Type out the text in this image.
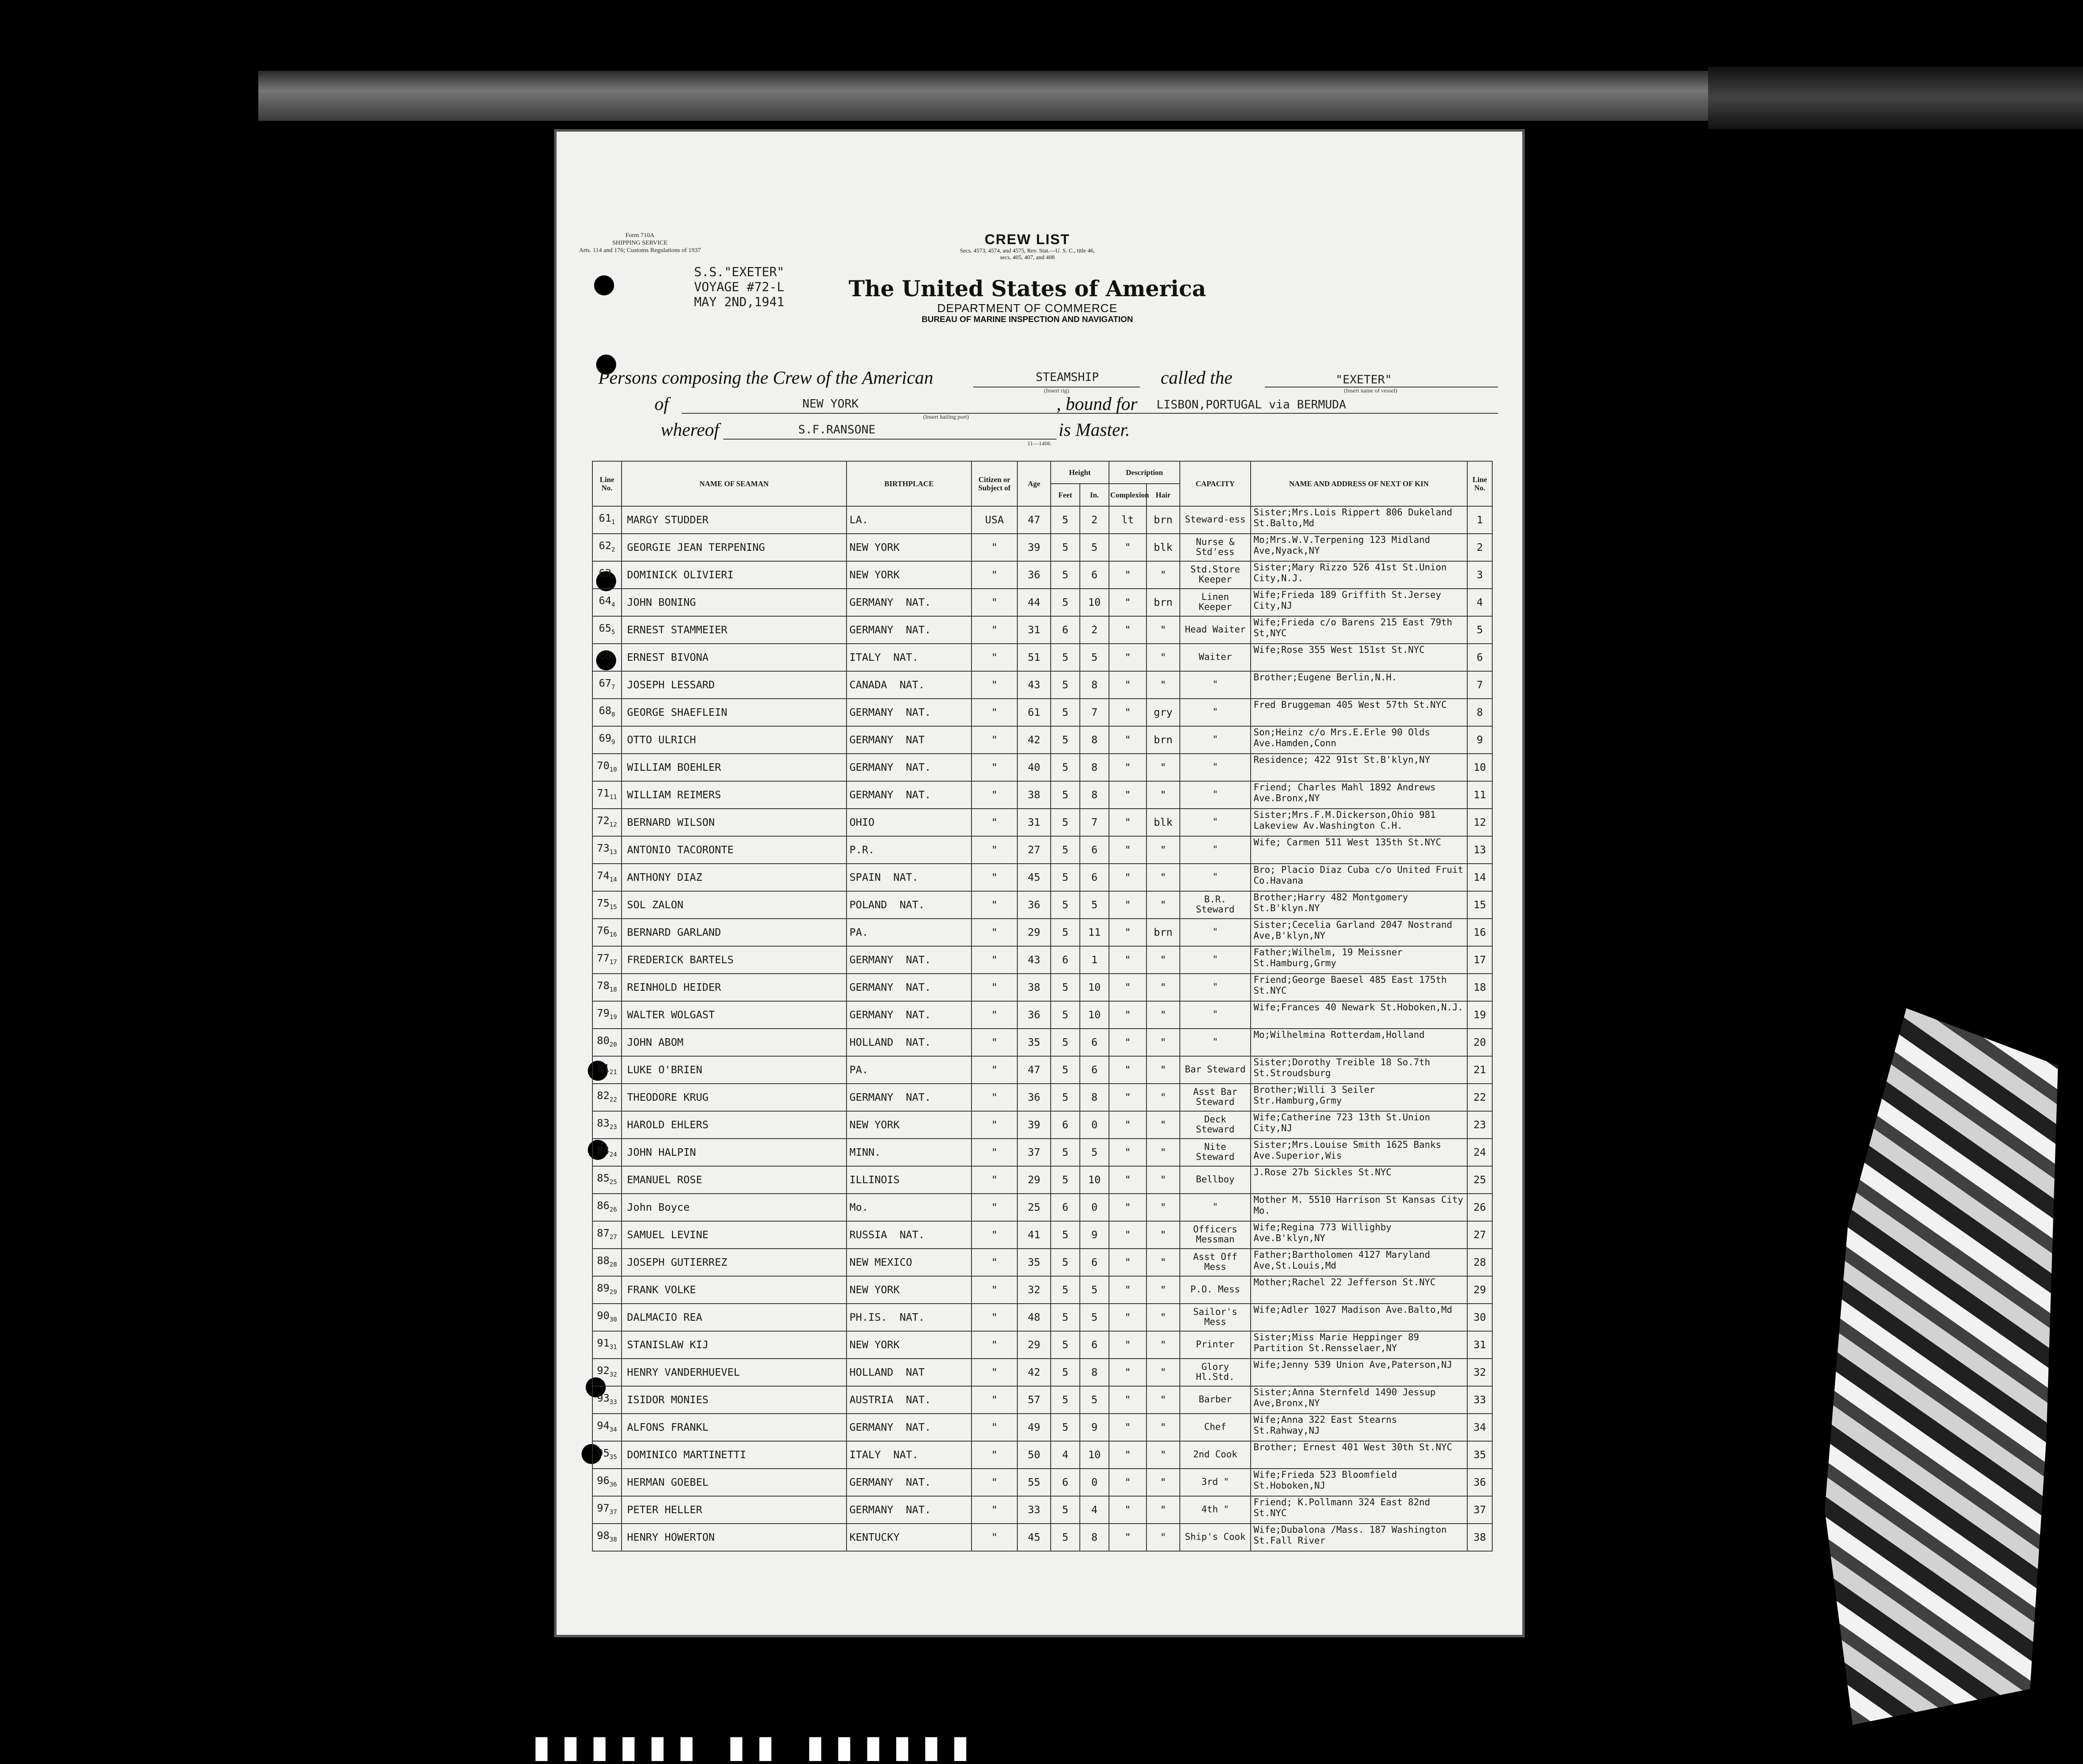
▮▮▮▮▮▮ ▮▮ ▮▮▮▮▮▮
Form 710A
SHIPPING SERVICE
Arts. 114 and 176; Customs Regulations of 1937
S.S."EXETER"
VOYAGE #72-L
MAY 2ND,1941
CREW LIST
Secs. 4573, 4574, and 4575, Rev. Stat.—U. S. C., title 46,
secs. 405, 407, and 408
The United States of America
DEPARTMENT OF COMMERCE
BUREAU OF MARINE INSPECTION AND NAVIGATION
Persons composing the Crew of the American	STEAMSHIP
(Insert rig)
called the	"EXETER"
(Insert name of vessel)
of	NEW YORK
(Insert hailing port)
, bound for LISBON,PORTUGAL via BERMUDA
whereof	S.F.RANSONE	is Master.
11—1406
Line No.	NAME OF SEAMAN	BIRTHPLACE	Citizen or Subject of	Age	Height		Description		CAPACITY	NAME AND ADDRESS OF NEXT OF KIN	Line No.
					Feet	In.	Complexion	Hair			
$61_1$	MARGY STUDDER	LA.	USA	47	5	2	lt	brn	Steward-ess	Sister;Mrs.Lois Rippert 806 Dukeland St.Balto,Md	1
$62_2$	GEORGIE JEAN TERPENING	NEW YORK	"	39	5	5	"	blk	Nurse & Std'ess	Mo;Mrs.W.V.Terpening 123 Midland Ave,Nyack,NY	2
$63_3$	DOMINICK OLIVIERI	NEW YORK	"	36	5	6	"	"	Std.Store Keeper	Sister;Mary Rizzo 526 41st St.Union City,N.J.	3
$64_4$	JOHN BONING	GERMANY NAT.	"	44	5	10	"	brn	Linen Keeper	Wife;Frieda 189 Griffith St.Jersey City,NJ	4
$65_5$	ERNEST STAMMEIER	GERMANY NAT.	"	31	6	2	"	"	Head Waiter	Wife;Frieda c/o Barens 215 East 79th St,NYC	5
$66_6$	ERNEST BIVONA	ITALY NAT.	"	51	5	5	"	"	Waiter	Wife;Rose 355 West 151st St.NYC	6
$67_7$	JOSEPH LESSARD	CANADA NAT.	"	43	5	8	"	"	"	Brother;Eugene Berlin,N.H.	7
$68_8$	GEORGE SHAEFLEIN	GERMANY NAT.	"	61	5	7	"	gry	"	Fred Bruggeman 405 West 57th St.NYC	8
$69_9$	OTTO ULRICH	GERMANY NAT	"	42	5	8	"	brn	"	Son;Heinz c/o Mrs.E.Erle 90 Olds Ave.Hamden,Conn	9
$70_{10}$	WILLIAM BOEHLER	GERMANY NAT.	"	40	5	8	"	"	"	Residence; 422 91st St.B'klyn,NY	10
$71_{11}$	WILLIAM REIMERS	GERMANY NAT.	"	38	5	8	"	"	"	Friend; Charles Mahl 1892 Andrews Ave.Bronx,NY	11
$72_{12}$	BERNARD WILSON	OHIO	"	31	5	7	"	blk	"	Sister;Mrs.F.M.Dickerson,Ohio 981 Lakeview Av.Washington C.H.	12
$73_{13}$	ANTONIO TACORONTE	P.R.	"	27	5	6	"	"	"	Wife; Carmen 511 West 135th St.NYC	13
$74_{14}$	ANTHONY DIAZ	SPAIN NAT.	"	45	5	6	"	"	"	Bro; Placio Diaz Cuba c/o United Fruit Co.Havana	14
$75_{15}$	SOL ZALON	POLAND NAT.	"	36	5	5	"	"	B.R. Steward	Brother;Harry 482 Montgomery St.B'klyn.NY	15
$76_{16}$	BERNARD GARLAND	PA.	"	29	5	11	"	brn	"	Sister;Cecelia Garland 2047 Nostrand Ave,B'klyn,NY	16
$77_{17}$	FREDERICK BARTELS	GERMANY NAT.	"	43	6	1	"	"	"	Father;Wilhelm, 19 Meissner St.Hamburg,Grmy	17
$78_{18}$	REINHOLD HEIDER	GERMANY NAT.	"	38	5	10	"	"	"	Friend;George Baesel 485 East 175th St.NYC	18
$79_{19}$	WALTER WOLGAST	GERMANY NAT.	"	36	5	10	"	"	"	Wife;Frances 40 Newark St.Hoboken,N.J.	19
$80_{20}$	JOHN ABOM	HOLLAND NAT.	"	35	5	6	"	"	"	Mo;Wilhelmina Rotterdam,Holland	20
$81_{21}$	LUKE O'BRIEN	PA.	"	47	5	6	"	"	Bar Steward	Sister;Dorothy Treible 18 So.7th St.Stroudsburg	21
$82_{22}$	THEODORE KRUG	GERMANY NAT.	"	36	5	8	"	"	Asst Bar Steward	Brother;Willi 3 Seiler Str.Hamburg,Grmy	22
$83_{23}$	HAROLD EHLERS	NEW YORK	"	39	6	0	"	"	Deck Steward	Wife;Catherine 723 13th St.Union City,NJ	23
$84_{24}$	JOHN HALPIN	MINN.	"	37	5	5	"	"	Nite Steward	Sister;Mrs.Louise Smith 1625 Banks Ave.Superior,Wis	24
$85_{25}$	EMANUEL ROSE	ILLINOIS	"	29	5	10	"	"	Bellboy	J.Rose 27b Sickles St.NYC	25
$86_{26}$	John Boyce	Mo.	"	25	6	0	"	"	"	Mother M. 5510 Harrison St Kansas City Mo.	26
$87_{27}$	SAMUEL LEVINE	RUSSIA NAT.	"	41	5	9	"	"	Officers Messman	Wife;Regina 773 Willighby Ave.B'klyn,NY	27
$88_{28}$	JOSEPH GUTIERREZ	NEW MEXICO	"	35	5	6	"	"	Asst Off Mess	Father;Bartholomen 4127 Maryland Ave,St.Louis,Md	28
$89_{29}$	FRANK VOLKE	NEW YORK	"	32	5	5	"	"	P.O. Mess	Mother;Rachel 22 Jefferson St.NYC	29
$90_{30}$	DALMACIO REA	PH.IS. NAT.	"	48	5	5	"	"	Sailor's Mess	Wife;Adler 1027 Madison Ave.Balto,Md	30
$91_{31}$	STANISLAW KIJ	NEW YORK	"	29	5	6	"	"	Printer	Sister;Miss Marie Heppinger 89 Partition St.Rensselaer,NY	31
$92_{32}$	HENRY VANDERHUEVEL	HOLLAND NAT	"	42	5	8	"	"	Glory Hl.Std.	Wife;Jenny 539 Union Ave,Paterson,NJ	32
$93_{33}$	ISIDOR MONIES	AUSTRIA NAT.	"	57	5	5	"	"	Barber	Sister;Anna Sternfeld 1490 Jessup Ave,Bronx,NY	33
$94_{34}$	ALFONS FRANKL	GERMANY NAT.	"	49	5	9	"	"	Chef	Wife;Anna 322 East Stearns St.Rahway,NJ	34
$95_{35}$	DOMINICO MARTINETTI	ITALY NAT.	"	50	4	10	"	"	2nd Cook	Brother; Ernest 401 West 30th St.NYC	35
$96_{36}$	HERMAN GOEBEL	GERMANY NAT.	"	55	6	0	"	"	3rd "	Wife;Frieda 523 Bloomfield St.Hoboken,NJ	36
$97_{37}$	PETER HELLER	GERMANY NAT.	"	33	5	4	"	"	4th "	Friend; K.Pollmann 324 East 82nd St.NYC	37
$98_{38}$	HENRY HOWERTON	KENTUCKY	"	45	5	8	"	"	Ship's Cook	Wife;Dubalona /Mass. 187 Washington St.Fall River	38
